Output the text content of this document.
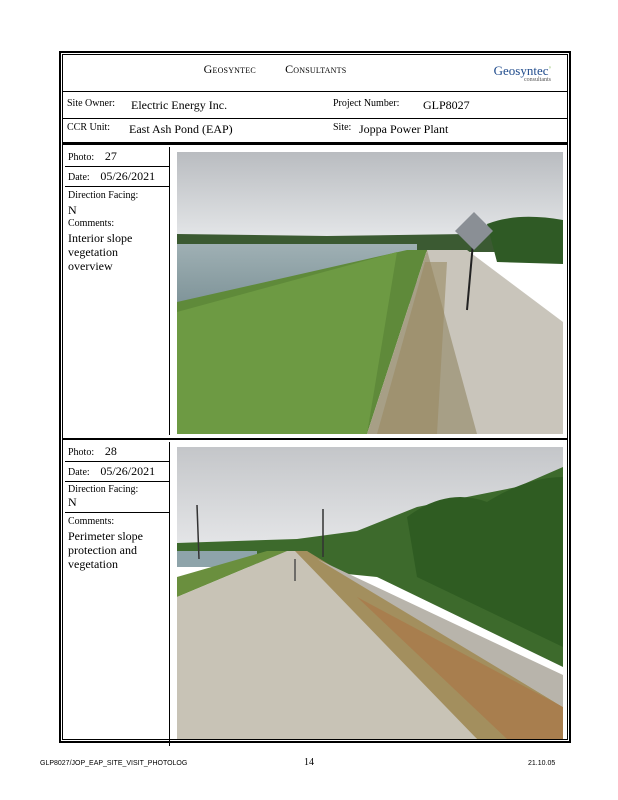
Geosyntec Consultants	Geosyntec◦
consultants
Site Owner: Electric Energy Inc.	Project Number: GLP8027
CCR Unit: East Ash Pond (EAP)	Site: Joppa Power Plant
Photo: 27
Date: 05/26/2021
Direction Facing:
N
Comments:
Interior slope
vegetation
overview
Photo: 28
Date: 05/26/2021
Direction Facing:
N
Comments:
Perimeter slope
protection and
vegetation
GLP8027/JOP_EAP_SITE_VISIT_PHOTOLOG	14	21.10.05
